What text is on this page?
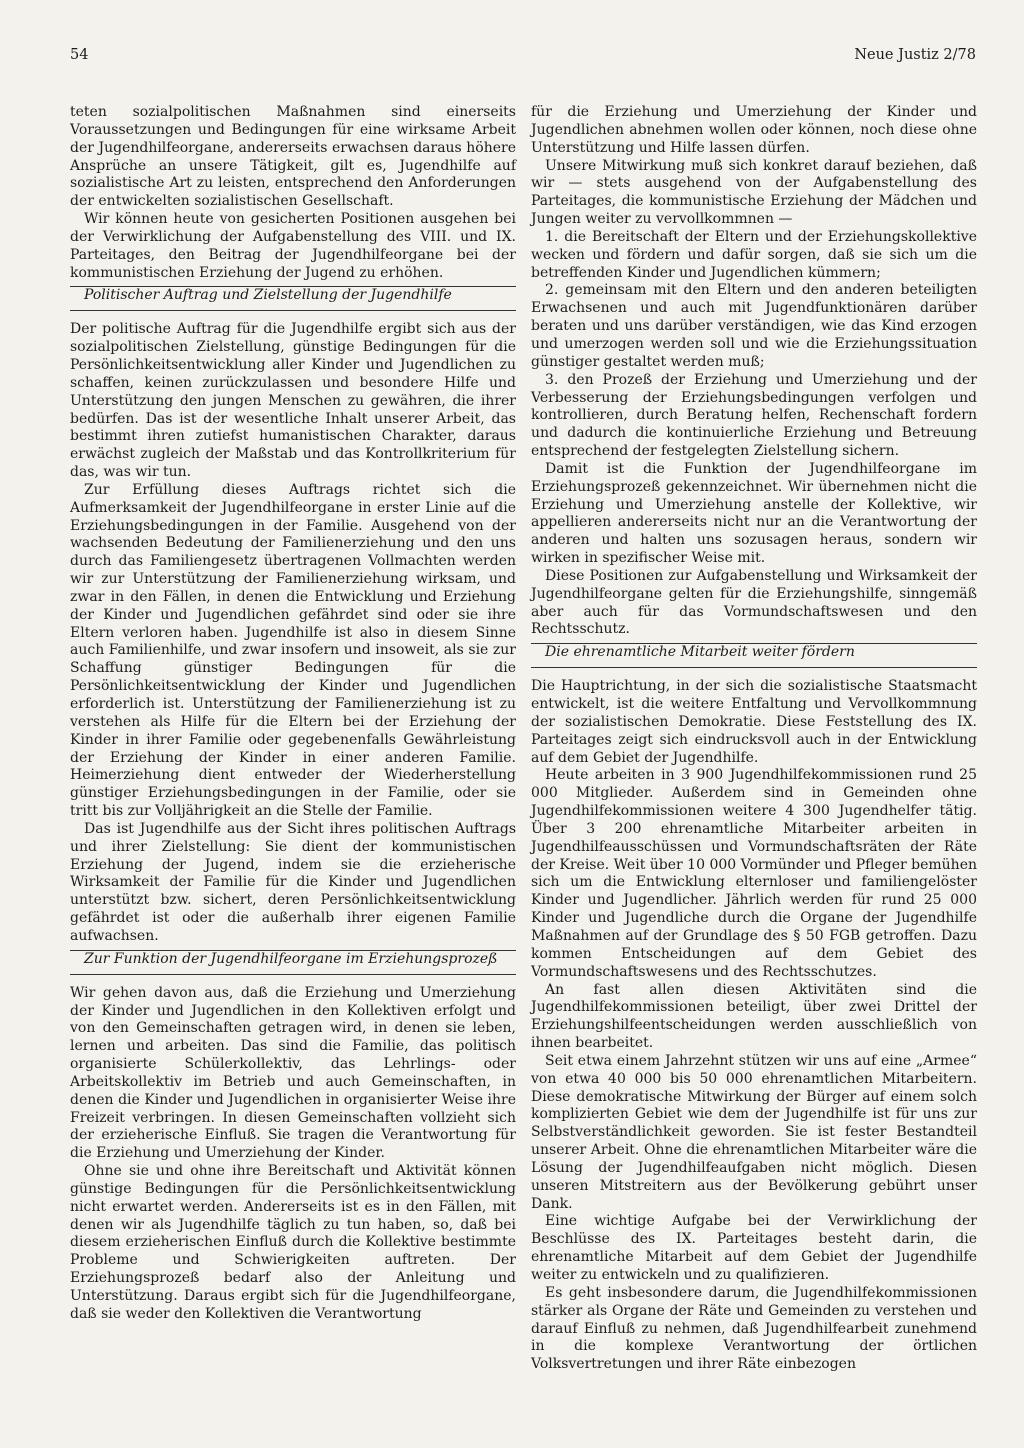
54	Neue Justiz 2/78

teten sozialpolitischen Maßnahmen sind einerseits Voraussetzungen und Bedingungen für eine wirksame Arbeit der Jugendhilfeorgane, andererseits erwachsen daraus höhere Ansprüche an unsere Tätigkeit, gilt es, Jugendhilfe auf sozialistische Art zu leisten, entsprechend den Anforderungen der entwickelten sozialistischen Gesellschaft.

Wir können heute von gesicherten Positionen ausgehen bei der Verwirklichung der Aufgabenstellung des VIII. und IX. Parteitages, den Beitrag der Jugendhilfeorgane bei der kommunistischen Erziehung der Jugend zu erhöhen.

Politischer Auftrag und Zielstellung der Jugendhilfe

Der politische Auftrag für die Jugendhilfe ergibt sich aus der sozialpolitischen Zielstellung, günstige Bedingungen für die Persönlichkeitsentwicklung aller Kinder und Jugendlichen zu schaffen, keinen zurückzulassen und besondere Hilfe und Unterstützung den jungen Menschen zu gewähren, die ihrer bedürfen. Das ist der wesentliche Inhalt unserer Arbeit, das bestimmt ihren zutiefst humanistischen Charakter, daraus erwächst zugleich der Maßstab und das Kontrollkriterium für das, was wir tun.

Zur Erfüllung dieses Auftrags richtet sich die Aufmerksamkeit der Jugendhilfeorgane in erster Linie auf die Erziehungsbedingungen in der Familie. Ausgehend von der wachsenden Bedeutung der Familienerziehung und den uns durch das Familiengesetz übertragenen Vollmachten werden wir zur Unterstützung der Familienerziehung wirksam, und zwar in den Fällen, in denen die Entwicklung und Erziehung der Kinder und Jugendlichen gefährdet sind oder sie ihre Eltern verloren haben. Jugendhilfe ist also in diesem Sinne auch Familienhilfe, und zwar insofern und insoweit, als sie zur Schaffung günstiger Bedingungen für die Persönlichkeitsentwicklung der Kinder und Jugendlichen erforderlich ist. Unterstützung der Familienerziehung ist zu verstehen als Hilfe für die Eltern bei der Erziehung der Kinder in ihrer Familie oder gegebenenfalls Gewährleistung der Erziehung der Kinder in einer anderen Familie. Heimerziehung dient entweder der Wiederherstellung günstiger Erziehungsbedingungen in der Familie, oder sie tritt bis zur Volljährigkeit an die Stelle der Familie.

Das ist Jugendhilfe aus der Sicht ihres politischen Auftrags und ihrer Zielstellung: Sie dient der kommunistischen Erziehung der Jugend, indem sie die erzieherische Wirksamkeit der Familie für die Kinder und Jugendlichen unterstützt bzw. sichert, deren Persönlichkeitsentwicklung gefährdet ist oder die außerhalb ihrer eigenen Familie aufwachsen.

Zur Funktion der Jugendhilfeorgane im Erziehungsprozeß

Wir gehen davon aus, daß die Erziehung und Umerziehung der Kinder und Jugendlichen in den Kollektiven erfolgt und von den Gemeinschaften getragen wird, in denen sie leben, lernen und arbeiten. Das sind die Familie, das politisch organisierte Schülerkollektiv, das Lehrlings- oder Arbeitskollektiv im Betrieb und auch Gemeinschaften, in denen die Kinder und Jugendlichen in organisierter Weise ihre Freizeit verbringen. In diesen Gemeinschaften vollzieht sich der erzieherische Einfluß. Sie tragen die Verantwortung für die Erziehung und Umerziehung der Kinder.

Ohne sie und ohne ihre Bereitschaft und Aktivität können günstige Bedingungen für die Persönlichkeitsentwicklung nicht erwartet werden. Andererseits ist es in den Fällen, mit denen wir als Jugendhilfe täglich zu tun haben, so, daß bei diesem erzieherischen Einfluß durch die Kollektive bestimmte Probleme und Schwierigkeiten auftreten. Der Erziehungsprozeß bedarf also der Anleitung und Unterstützung. Daraus ergibt sich für die Jugendhilfeorgane, daß sie weder den Kollektiven die Verantwortung

für die Erziehung und Umerziehung der Kinder und Jugendlichen abnehmen wollen oder können, noch diese ohne Unterstützung und Hilfe lassen dürfen.

Unsere Mitwirkung muß sich konkret darauf beziehen, daß wir — stets ausgehend von der Aufgabenstellung des Parteitages, die kommunistische Erziehung der Mädchen und Jungen weiter zu vervollkommnen —

1. die Bereitschaft der Eltern und der Erziehungskollektive wecken und fördern und dafür sorgen, daß sie sich um die betreffenden Kinder und Jugendlichen kümmern;

2. gemeinsam mit den Eltern und den anderen beteiligten Erwachsenen und auch mit Jugendfunktionären darüber beraten und uns darüber verständigen, wie das Kind erzogen und umerzogen werden soll und wie die Erziehungssituation günstiger gestaltet werden muß;

3. den Prozeß der Erziehung und Umerziehung und der Verbesserung der Erziehungsbedingungen verfolgen und kontrollieren, durch Beratung helfen, Rechenschaft fordern und dadurch die kontinuierliche Erziehung und Betreuung entsprechend der festgelegten Zielstellung sichern.

Damit ist die Funktion der Jugendhilfeorgane im Erziehungsprozeß gekennzeichnet. Wir übernehmen nicht die Erziehung und Umerziehung anstelle der Kollektive, wir appellieren andererseits nicht nur an die Verantwortung der anderen und halten uns sozusagen heraus, sondern wir wirken in spezifischer Weise mit.

Diese Positionen zur Aufgabenstellung und Wirksamkeit der Jugendhilfeorgane gelten für die Erziehungshilfe, sinngemäß aber auch für das Vormundschaftswesen und den Rechtsschutz.

Die ehrenamtliche Mitarbeit weiter fördern

Die Hauptrichtung, in der sich die sozialistische Staatsmacht entwickelt, ist die weitere Entfaltung und Vervollkommnung der sozialistischen Demokratie. Diese Feststellung des IX. Parteitages zeigt sich eindrucksvoll auch in der Entwicklung auf dem Gebiet der Jugendhilfe.

Heute arbeiten in 3 900 Jugendhilfekommissionen rund 25 000 Mitglieder. Außerdem sind in Gemeinden ohne Jugendhilfekommissionen weitere 4 300 Jugendhelfer tätig. Über 3 200 ehrenamtliche Mitarbeiter arbeiten in Jugendhilfeausschüssen und Vormundschaftsräten der Räte der Kreise. Weit über 10 000 Vormünder und Pfleger bemühen sich um die Entwicklung elternloser und familiengelöster Kinder und Jugendlicher. Jährlich werden für rund 25 000 Kinder und Jugendliche durch die Organe der Jugendhilfe Maßnahmen auf der Grundlage des § 50 FGB getroffen. Dazu kommen Entscheidungen auf dem Gebiet des Vormundschaftswesens und des Rechtsschutzes.

An fast allen diesen Aktivitäten sind die Jugendhilfekommissionen beteiligt, über zwei Drittel der Erziehungshilfeentscheidungen werden ausschließlich von ihnen bearbeitet.

Seit etwa einem Jahrzehnt stützen wir uns auf eine „Armee“ von etwa 40 000 bis 50 000 ehrenamtlichen Mitarbeitern. Diese demokratische Mitwirkung der Bürger auf einem solch komplizierten Gebiet wie dem der Jugendhilfe ist für uns zur Selbstverständlichkeit geworden. Sie ist fester Bestandteil unserer Arbeit. Ohne die ehrenamtlichen Mitarbeiter wäre die Lösung der Jugendhilfeaufgaben nicht möglich. Diesen unseren Mitstreitern aus der Bevölkerung gebührt unser Dank.

Eine wichtige Aufgabe bei der Verwirklichung der Beschlüsse des IX. Parteitages besteht darin, die ehrenamtliche Mitarbeit auf dem Gebiet der Jugendhilfe weiter zu entwickeln und zu qualifizieren.

Es geht insbesondere darum, die Jugendhilfekommissionen stärker als Organe der Räte und Gemeinden zu verstehen und darauf Einfluß zu nehmen, daß Jugendhilfearbeit zunehmend in die komplexe Verantwortung der örtlichen Volksvertretungen und ihrer Räte einbezogen
